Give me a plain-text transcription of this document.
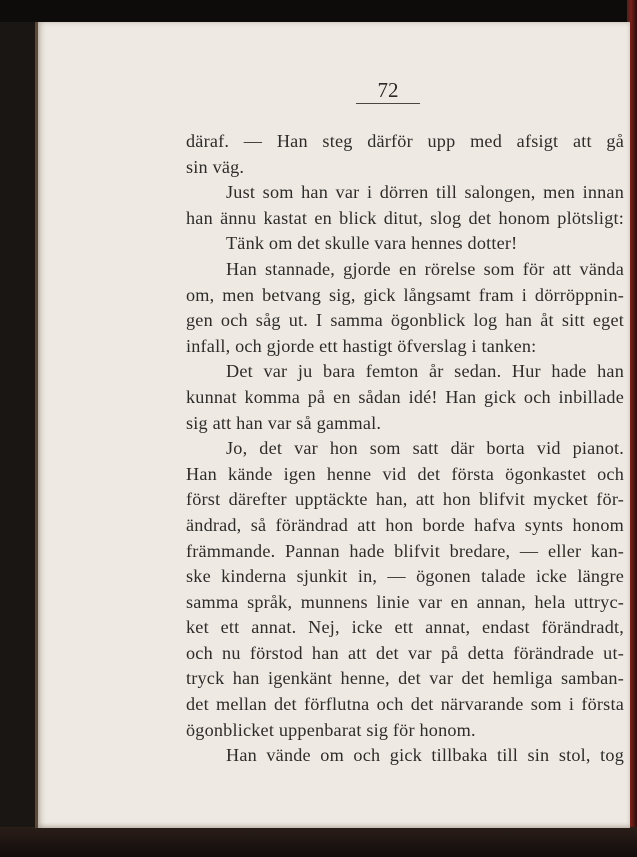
72
däraf. — Han steg därför upp med afsigt att gå
sin väg.
Just som han var i dörren till salongen, men innan
han ännu kastat en blick ditut, slog det honom plötsligt:
Tänk om det skulle vara hennes dotter!
Han stannade, gjorde en rörelse som för att vända
om, men betvang sig, gick långsamt fram i dörröppnin-
gen och såg ut. I samma ögonblick log han åt sitt eget
infall, och gjorde ett hastigt öfverslag i tanken:
Det var ju bara femton år sedan. Hur hade han
kunnat komma på en sådan idé! Han gick och inbillade
sig att han var så gammal.
Jo, det var hon som satt där borta vid pianot.
Han kände igen henne vid det första ögonkastet och
först därefter upptäckte han, att hon blifvit mycket för-
ändrad, så förändrad att hon borde hafva synts honom
främmande. Pannan hade blifvit bredare, — eller kan-
ske kinderna sjunkit in, — ögonen talade icke längre
samma språk, munnens linie var en annan, hela uttryc-
ket ett annat. Nej, icke ett annat, endast förändradt,
och nu förstod han att det var på detta förändrade ut-
tryck han igenkänt henne, det var det hemliga samban-
det mellan det förflutna och det närvarande som i första
ögonblicket uppenbarat sig för honom.
Han vände om och gick tillbaka till sin stol, tog
